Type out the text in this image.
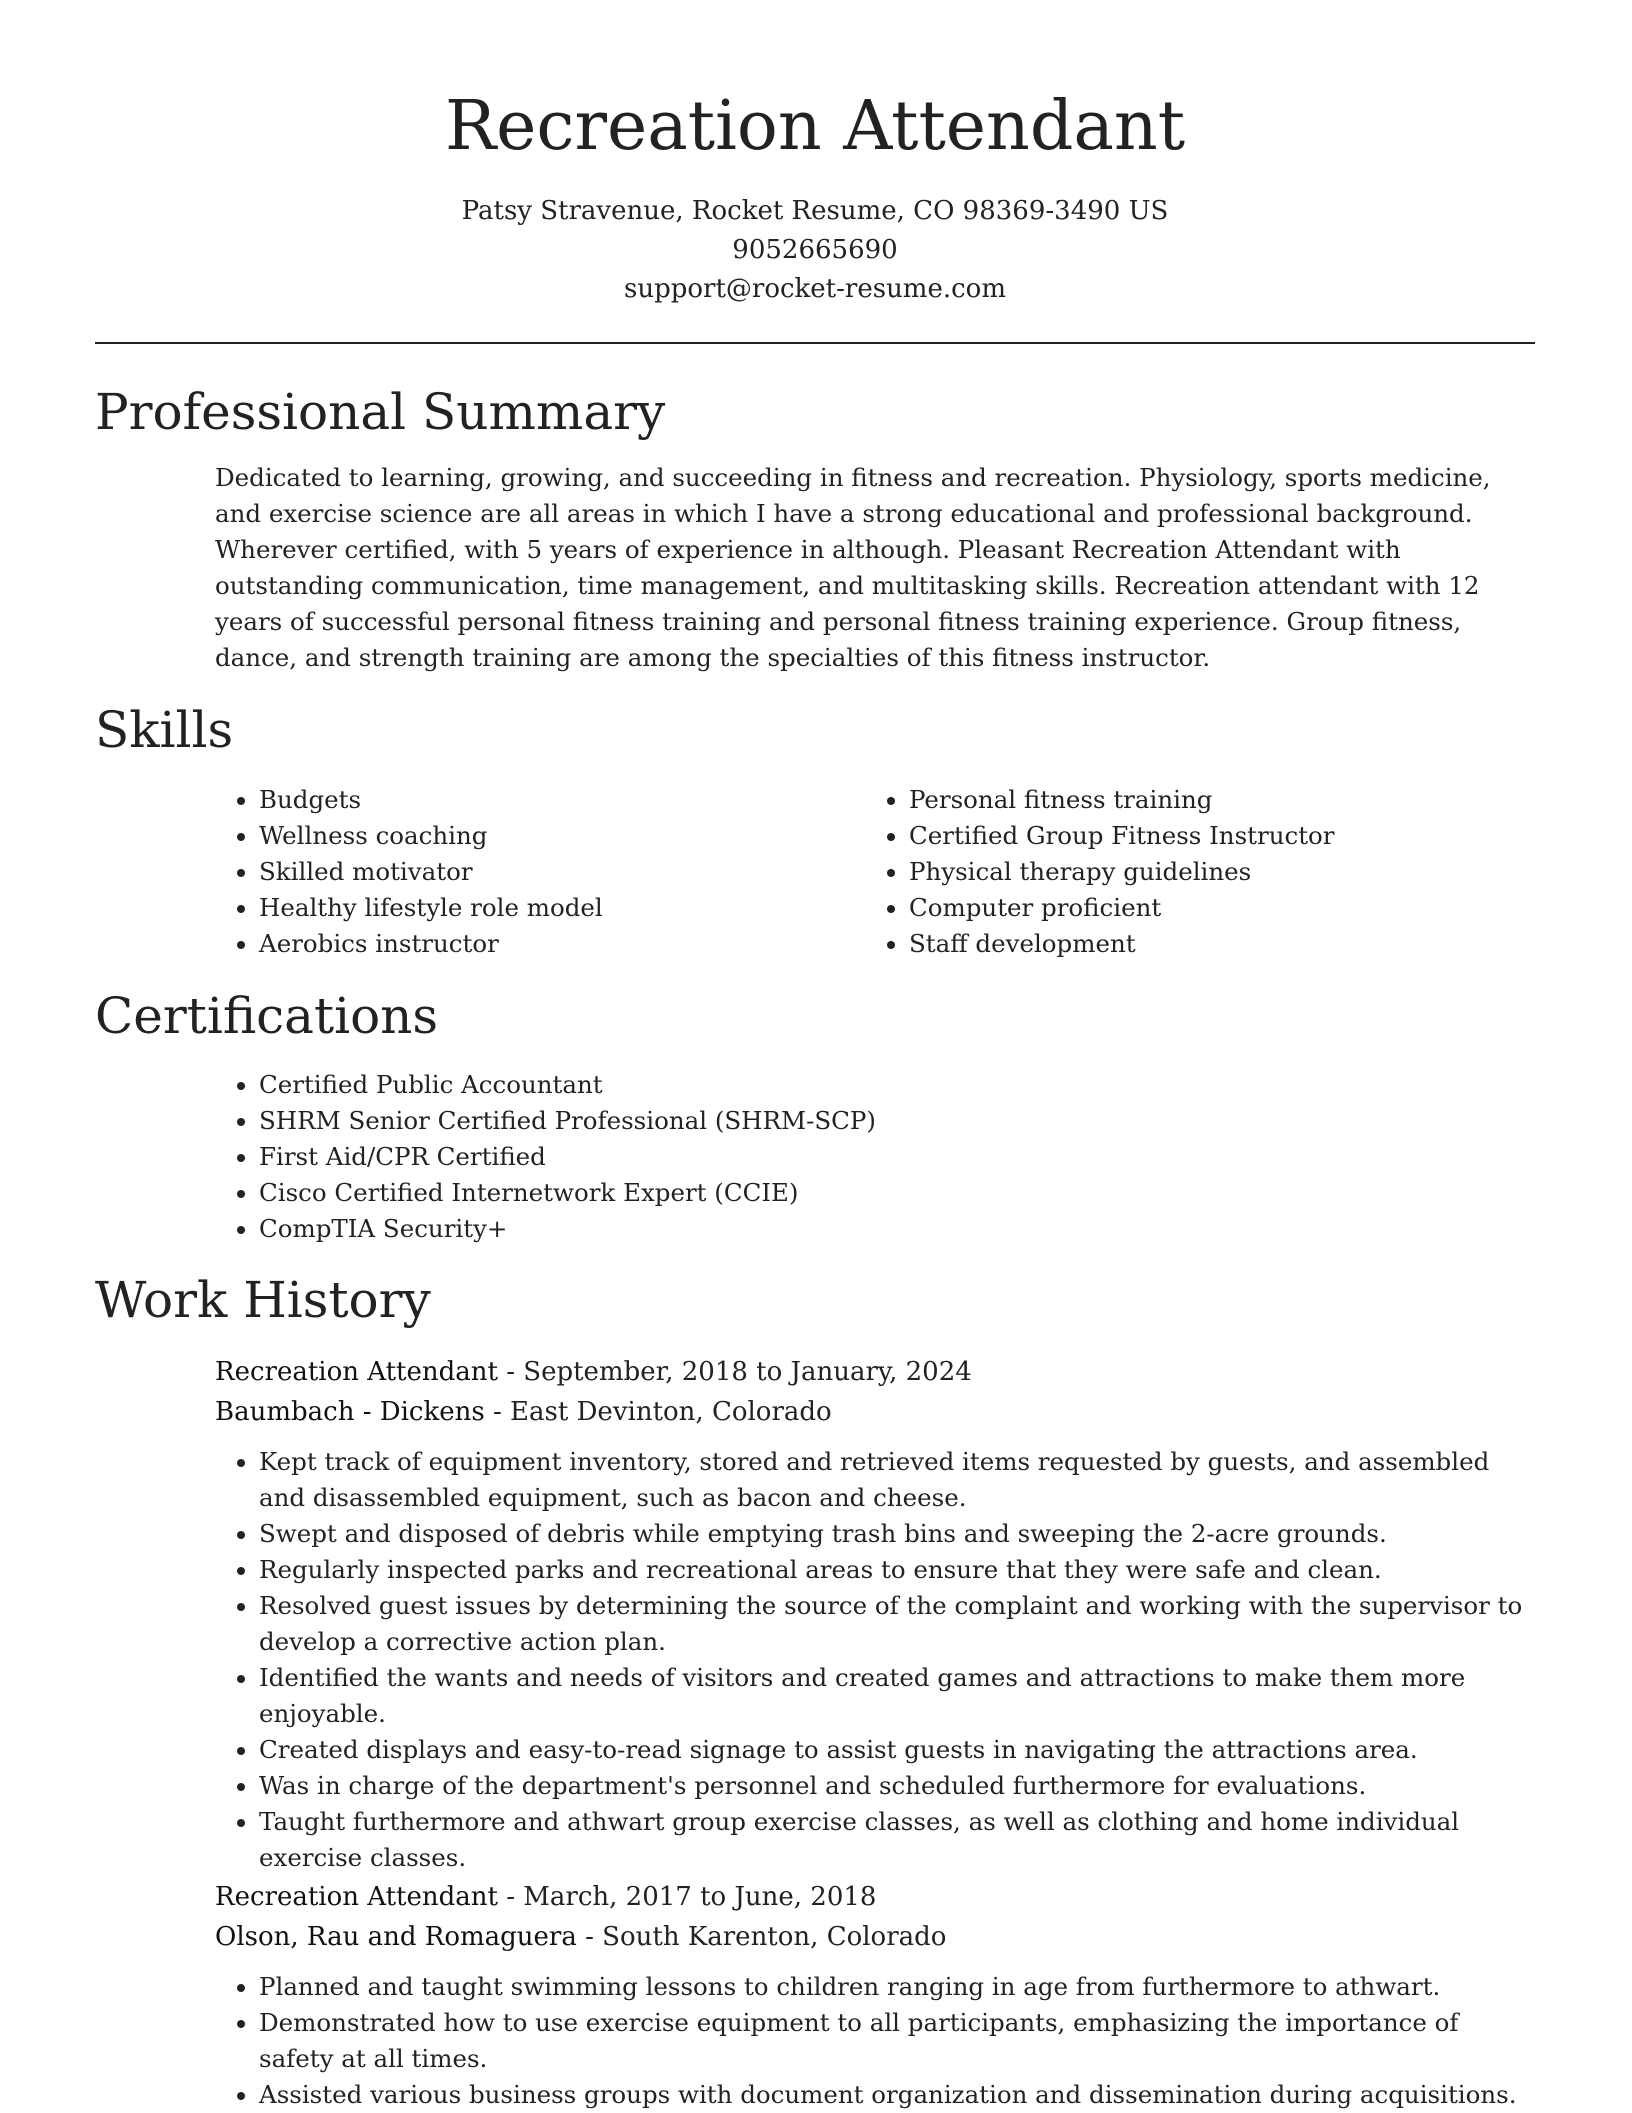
Recreation Attendant
Patsy Stravenue, Rocket Resume, CO 98369-3490 US
9052665690
support@rocket-resume.com
Professional Summary

Dedicated to learning, growing, and succeeding in fitness and recreation. Physiology, sports medicine, and exercise science are all areas in which I have a strong educational and professional background. Wherever certified, with 5 years of experience in although. Pleasant Recreation Attendant with outstanding communication, time management, and multitasking skills. Recreation attendant with 12 years of successful personal fitness training and personal fitness training experience. Group fitness, dance, and strength training are among the specialties of this fitness instructor.

Skills
• Budgets
• Wellness coaching
• Skilled motivator
• Healthy lifestyle role model
• Aerobics instructor
• Personal fitness training
• Certified Group Fitness Instructor
• Physical therapy guidelines
• Computer proficient
• Staff development
Certifications
• Certified Public Accountant
• SHRM Senior Certified Professional (SHRM-SCP)
• First Aid/CPR Certified
• Cisco Certified Internetwork Expert (CCIE)
• CompTIA Security+
Work History
Recreation Attendant - September, 2018 to January, 2024
Baumbach - Dickens - East Devinton, Colorado
• Kept track of equipment inventory, stored and retrieved items requested by guests, and assembled and disassembled equipment, such as bacon and cheese.
• Swept and disposed of debris while emptying trash bins and sweeping the 2-acre grounds.
• Regularly inspected parks and recreational areas to ensure that they were safe and clean.
• Resolved guest issues by determining the source of the complaint and working with the supervisor to develop a corrective action plan.
• Identified the wants and needs of visitors and created games and attractions to make them more enjoyable.
• Created displays and easy-to-read signage to assist guests in navigating the attractions area.
• Was in charge of the department's personnel and scheduled furthermore for evaluations.
• Taught furthermore and athwart group exercise classes, as well as clothing and home individual exercise classes.
Recreation Attendant - March, 2017 to June, 2018
Olson, Rau and Romaguera - South Karenton, Colorado
• Planned and taught swimming lessons to children ranging in age from furthermore to athwart.
• Demonstrated how to use exercise equipment to all participants, emphasizing the importance of safety at all times.
• Assisted various business groups with document organization and dissemination during acquisitions.
